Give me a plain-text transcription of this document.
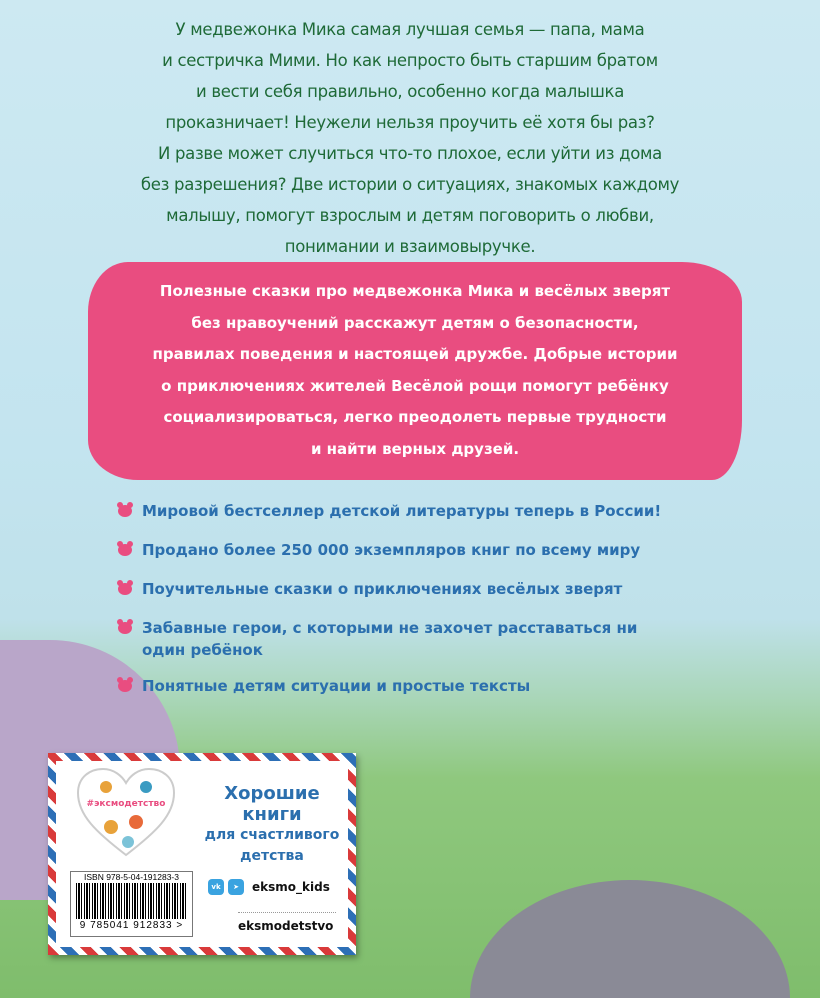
У медвежонка Мика самая лучшая семья — папа, мама
и сестричка Мими. Но как непросто быть старшим братом
и вести себя правильно, особенно когда малышка
проказничает! Неужели нельзя проучить её хотя бы раз?
И разве может случиться что-то плохое, если уйти из дома
без разрешения? Две истории о ситуациях, знакомых каждому
малышу, помогут взрослым и детям поговорить о любви,
понимании и взаимовыручке.
Полезные сказки про медвежонка Мика и весёлых зверят
без нравоучений расскажут детям о безопасности,
правилах поведения и настоящей дружбе. Добрые истории
о приключениях жителей Весёлой рощи помогут ребёнку
социализироваться, легко преодолеть первые трудности
и найти верных друзей.
Мировой бестселлер детской литературы теперь в России!
Продано более 250 000 экземпляров книг по всему миру
Поучительные сказки о приключениях весёлых зверят
Забавные герои, с которыми не захочет расставаться ни один ребёнок
Понятные детям ситуации и простые тексты
#эксмодетство	Хорошие
книги
для счастливого
детства
ISBN 978-5-04-191283-3
9 785041 912833 >
vk	➤	eksmo_kids
eksmodetstvo
